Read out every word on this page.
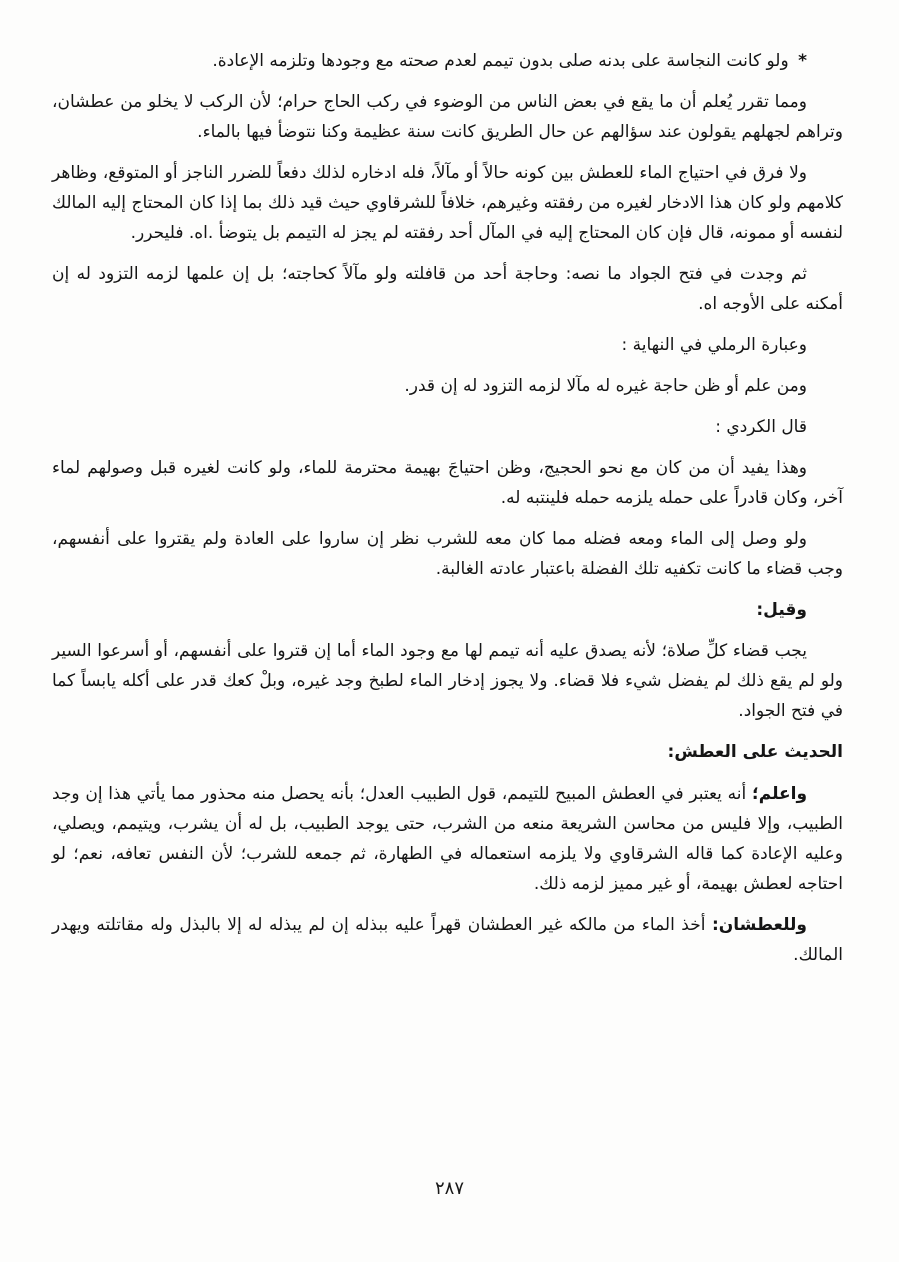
* ولو كانت النجاسة على بدنه صلى بدون تيمم لعدم صحته مع وجودها وتلزمه الإعادة.

ومما تقرر يُعلم أن ما يقع في بعض الناس من الوضوء في ركب الحاج حرام؛ لأن الركب لا يخلو من عطشان، وتراهم لجهلهم يقولون عند سؤالهم عن حال الطريق كانت سنة عظيمة وكنا نتوضأ فيها بالماء.

ولا فرق في احتياج الماء للعطش بين كونه حالاً أو مآلاً، فله ادخاره لذلك دفعاً للضرر الناجز أو المتوقع، وظاهر كلامهم ولو كان هذا الادخار لغيره من رفقته وغيرهم، خلافاً للشرقاوي حيث قيد ذلك بما إذا كان المحتاج إليه المالك لنفسه أو ممونه، قال فإن كان المحتاج إليه في المآل أحد رفقته لم يجز له التيمم بل يتوضأ .اه. فليحرر.

ثم وجدت في فتح الجواد ما نصه: وحاجة أحد من قافلته ولو مآلاً كحاجته؛ بل إن علمها لزمه التزود له إن أمكنه على الأوجه اه.

وعبارة الرملي في النهاية :

ومن علم أو ظن حاجة غيره له مآلا لزمه التزود له إن قدر.

قال الكردي :

وهذا يفيد أن من كان مع نحو الحجيج، وظن احتياجَ بهيمة محترمة للماء، ولو كانت لغيره قبل وصولهم لماء آخر، وكان قادراً على حمله يلزمه حمله فلينتبه له.

ولو وصل إلى الماء ومعه فضله مما كان معه للشرب نظر إن ساروا على العادة ولم يقتروا على أنفسهم، وجب قضاء ما كانت تكفيه تلك الفضلة باعتبار عادته الغالبة.

وقيل:

يجب قضاء كلِّ صلاة؛ لأنه يصدق عليه أنه تيمم لها مع وجود الماء أما إن قتروا على أنفسهم، أو أسرعوا السير ولو لم يقع ذلك لم يفضل شيء فلا قضاء. ولا يجوز إدخار الماء لطبخ وجد غيره، وبلْ كعك قدر على أكله يابساً كما في فتح الجواد.

الحديث على العطش:

واعلم؛ أنه يعتبر في العطش المبيح للتيمم، قول الطبيب العدل؛ بأنه يحصل منه محذور مما يأتي هذا إن وجد الطبيب، وإلا فليس من محاسن الشريعة منعه من الشرب، حتى يوجد الطبيب، بل له أن يشرب، ويتيمم، ويصلي، وعليه الإعادة كما قاله الشرقاوي ولا يلزمه استعماله في الطهارة، ثم جمعه للشرب؛ لأن النفس تعافه، نعم؛ لو احتاجه لعطش بهيمة، أو غير مميز لزمه ذلك.

وللعطشان: أخذ الماء من مالكه غير العطشان قهراً عليه ببذله إن لم يبذله له إلا بالبذل وله مقاتلته ويهدر المالك.

٢٨٧
